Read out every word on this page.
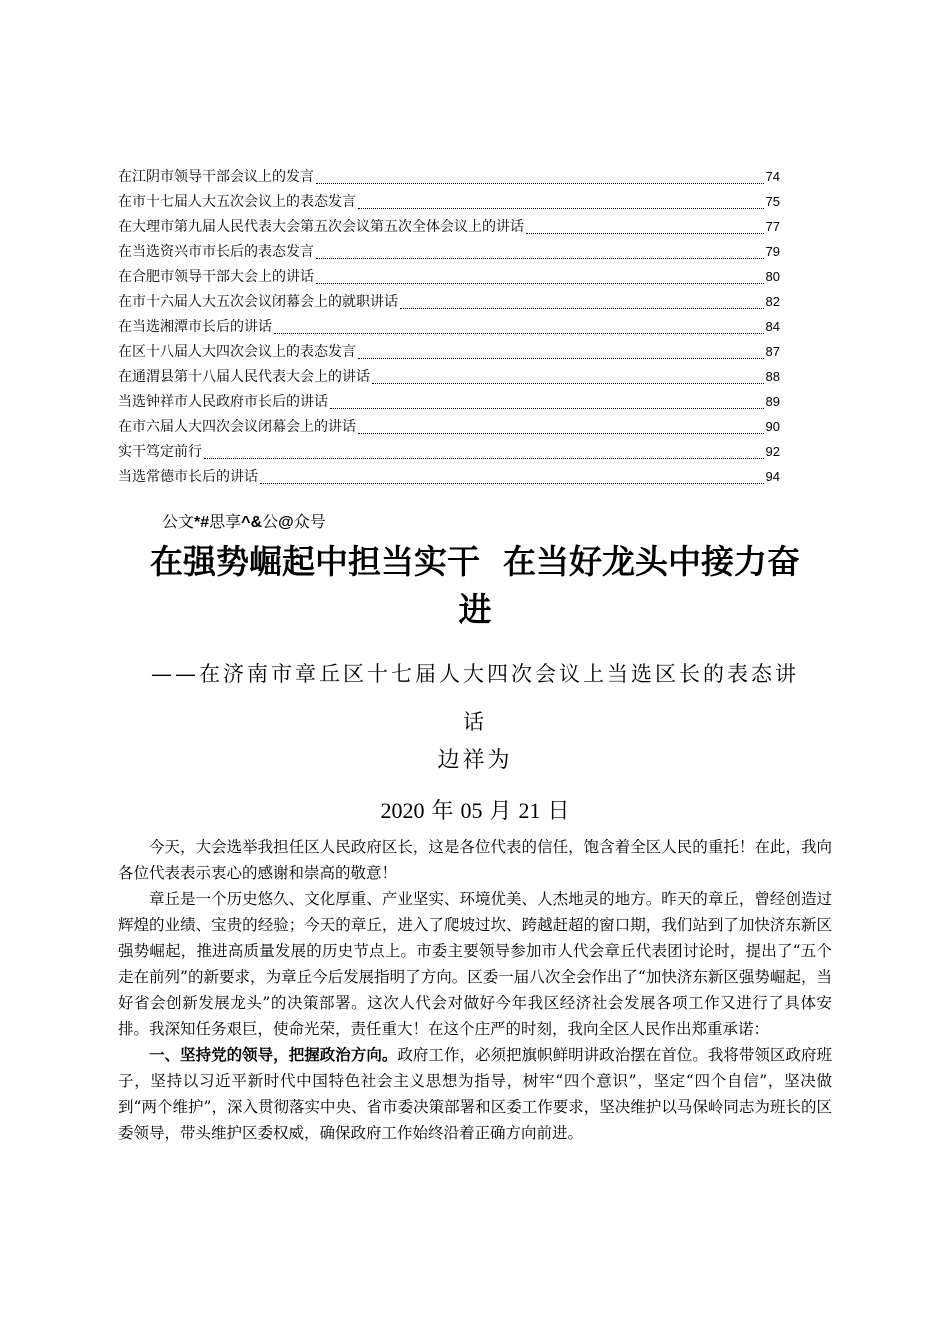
在江阴市领导干部会议上的发言	74
在市十七届人大五次会议上的表态发言	75
在大理市第九届人民代表大会第五次会议第五次全体会议上的讲话	77
在当选资兴市市长后的表态发言	79
在合肥市领导干部大会上的讲话	80
在市十六届人大五次会议闭幕会上的就职讲话	82
在当选湘潭市长后的讲话	84
在区十八届人大四次会议上的表态发言	87
在通渭县第十八届人民代表大会上的讲话	88
当选钟祥市人民政府市长后的讲话	89
在市六届人大四次会议闭幕会上的讲话	90
实干笃定前行	92
当选常德市长后的讲话	94
公文*#思享^&公@众号
在强势崛起中担当实干  在当好龙头中接力奋
进
——在济南市章丘区十七届人大四次会议上当选区长的表态讲
话
边祥为
2020 年 05 月 21 日

今天，大会选举我担任区人民政府区长，这是各位代表的信任，饱含着全区人民的重托！在此，我向各位代表表示衷心的感谢和崇高的敬意！

章丘是一个历史悠久、文化厚重、产业坚实、环境优美、人杰地灵的地方。昨天的章丘，曾经创造过辉煌的业绩、宝贵的经验；今天的章丘，进入了爬坡过坎、跨越赶超的窗口期，我们站到了加快济东新区强势崛起，推进高质量发展的历史节点上。市委主要领导参加市人代会章丘代表团讨论时，提出了“五个走在前列”的新要求，为章丘今后发展指明了方向。区委一届八次全会作出了“加快济东新区强势崛起，当好省会创新发展龙头”的决策部署。这次人代会对做好今年我区经济社会发展各项工作又进行了具体安排。我深知任务艰巨，使命光荣，责任重大！在这个庄严的时刻，我向全区人民作出郑重承诺：

一、坚持党的领导，把握政治方向。政府工作，必须把旗帜鲜明讲政治摆在首位。我将带领区政府班子，坚持以习近平新时代中国特色社会主义思想为指导，树牢“四个意识”，坚定“四个自信”，坚决做到“两个维护”，深入贯彻落实中央、省市委决策部署和区委工作要求，坚决维护以马保岭同志为班长的区委领导，带头维护区委权威，确保政府工作始终沿着正确方向前进。
